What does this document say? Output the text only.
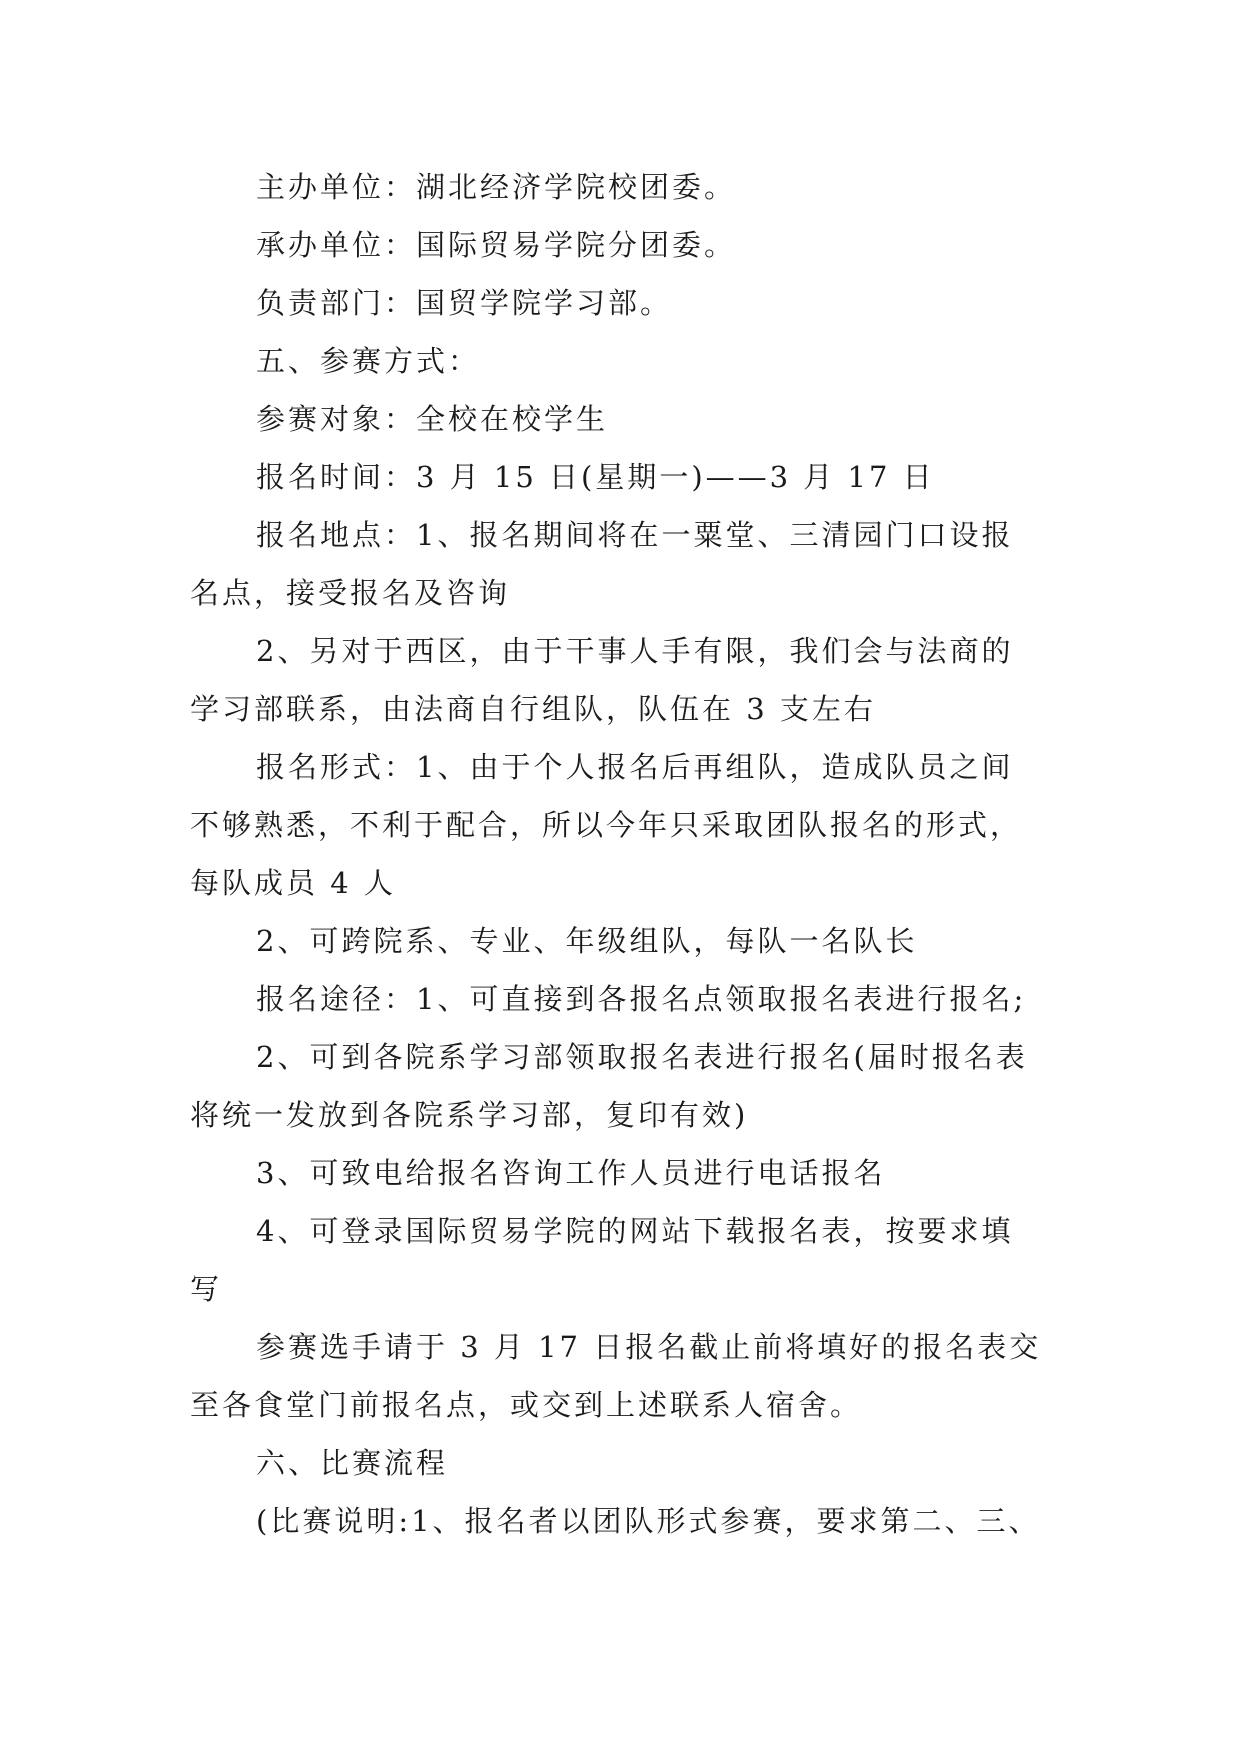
主办单位：湖北经济学院校团委。

承办单位：国际贸易学院分团委。

负责部门：国贸学院学习部。

五、参赛方式：

参赛对象：全校在校学生

报名时间：3 月 15 日(星期一)——3 月 17 日

报名地点：1、报名期间将在一粟堂、三清园门口设报

名点，接受报名及咨询

2、另对于西区，由于干事人手有限，我们会与法商的

学习部联系，由法商自行组队，队伍在 3 支左右

报名形式：1、由于个人报名后再组队，造成队员之间

不够熟悉，不利于配合，所以今年只采取团队报名的形式，

每队成员 4 人

2、可跨院系、专业、年级组队，每队一名队长

报名途径：1、可直接到各报名点领取报名表进行报名;

2、可到各院系学习部领取报名表进行报名(届时报名表

将统一发放到各院系学习部，复印有效)

3、可致电给报名咨询工作人员进行电话报名

4、可登录国际贸易学院的网站下载报名表，按要求填

写

参赛选手请于 3 月 17 日报名截止前将填好的报名表交

至各食堂门前报名点，或交到上述联系人宿舍。

六、比赛流程

(比赛说明:1、报名者以团队形式参赛，要求第二、三、
